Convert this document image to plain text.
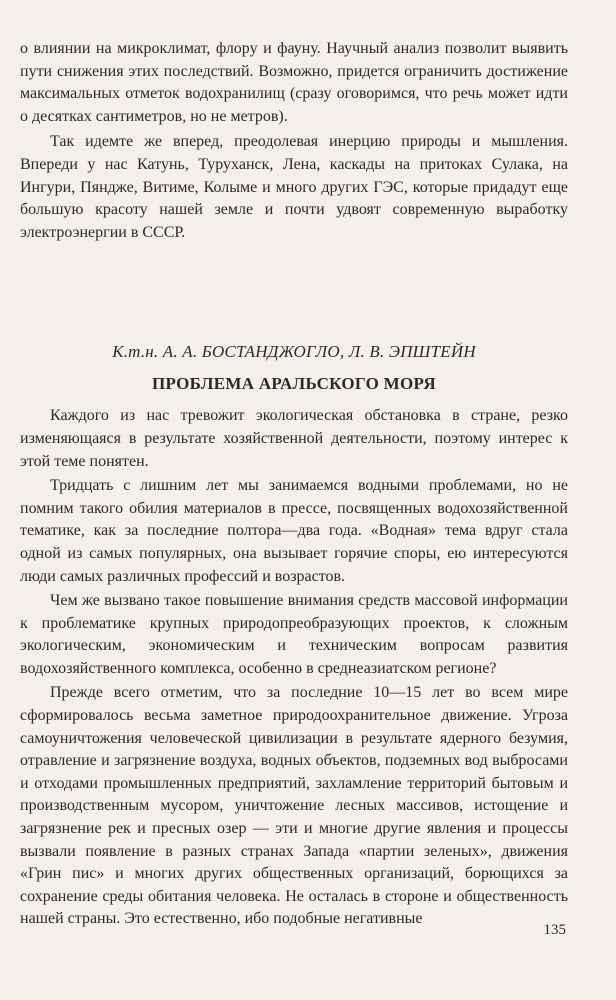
о влиянии на микроклимат, флору и фауну. Научный анализ позволит выявить пути снижения этих последствий. Возможно, придется ограничить достижение максимальных отметок водохранилищ (сразу оговоримся, что речь может идти о десятках сантиметров, но не метров).

Так идемте же вперед, преодолевая инерцию природы и мышления. Впереди у нас Катунь, Туруханск, Лена, каскады на притоках Сулака, на Ингури, Пяндже, Витиме, Колыме и много других ГЭС, которые придадут еще большую красоту нашей земле и почти удвоят современную выработку электроэнергии в СССР.

К.т.н. А. А. БОСТАНДЖОГЛО, Л. В. ЭПШТЕЙН
ПРОБЛЕМА АРАЛЬСКОГО МОРЯ

Каждого из нас тревожит экологическая обстановка в стране, резко изменяющаяся в результате хозяйственной деятельности, поэтому интерес к этой теме понятен.

Тридцать с лишним лет мы занимаемся водными проблемами, но не помним такого обилия материалов в прессе, посвященных водохозяйственной тематике, как за последние полтора—два года. «Водная» тема вдруг стала одной из самых популярных, она вызывает горячие споры, ею интересуются люди самых различных профессий и возрастов.

Чем же вызвано такое повышение внимания средств массовой информации к проблематике крупных природопреобразующих проектов, к сложным экологическим, экономическим и техническим вопросам развития водохозяйственного комплекса, особенно в среднеазиатском регионе?

Прежде всего отметим, что за последние 10—15 лет во всем мире сформировалось весьма заметное природоохранительное движение. Угроза самоуничтожения человеческой цивилизации в результате ядерного безумия, отравление и загрязнение воздуха, водных объектов, подземных вод выбросами и отходами промышленных предприятий, захламление территорий бытовым и производственным мусором, уничтожение лесных массивов, истощение и загрязнение рек и пресных озер — эти и многие другие явления и процессы вызвали появление в разных странах Запада «партии зеленых», движения «Грин пис» и многих других общественных организаций, борющихся за сохранение среды обитания человека. Не осталась в стороне и общественность нашей страны. Это естественно, ибо подобные негативные

135
